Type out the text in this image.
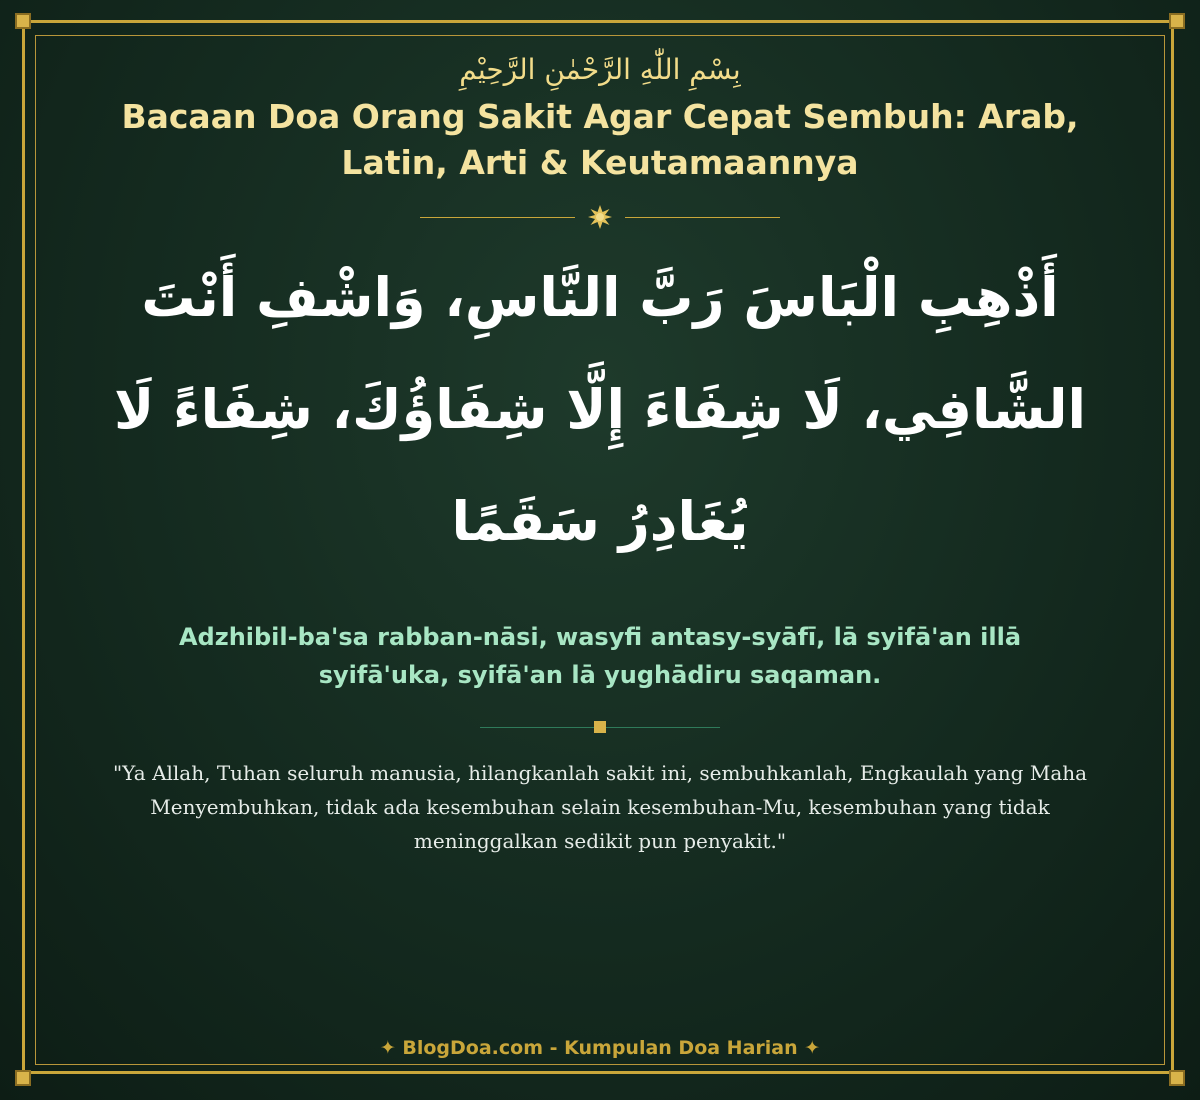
بِسْمِ اللّٰهِ الرَّحْمٰنِ الرَّحِيْمِ

Bacaan Doa Orang Sakit Agar Cepat Sembuh: Arab, Latin, Arti & Keutamaannya
أَذْهِبِ الْبَاسَ رَبَّ النَّاسِ، وَاشْفِ أَنْتَ الشَّافِي، لَا شِفَاءَ إِلَّا شِفَاؤُكَ، شِفَاءً لَا يُغَادِرُ سَقَمًا
Adzhibil-ba'sa rabban-nāsi, wasyfi antasy-syāfī, lā syifā'an illā syifā'uka, syifā'an lā yughādiru saqaman.
"Ya Allah, Tuhan seluruh manusia, hilangkanlah sakit ini, sembuhkanlah, Engkaulah yang Maha Menyembuhkan, tidak ada kesembuhan selain kesembuhan-Mu, kesembuhan yang tidak meninggalkan sedikit pun penyakit."
✦ BlogDoa.com - Kumpulan Doa Harian ✦
